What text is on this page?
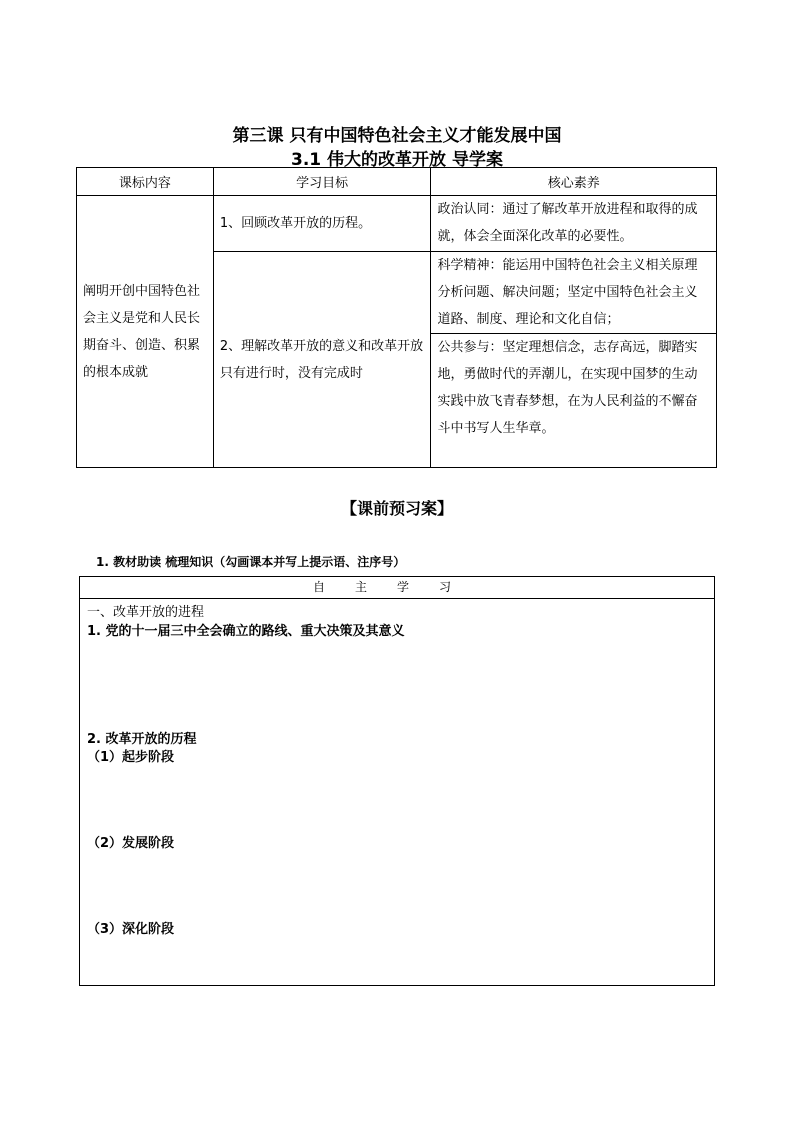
第三课 只有中国特色社会主义才能发展中国
3.1 伟大的改革开放 导学案
课标内容	学习目标	核心素养
阐明开创中国特色社会主义是党和人民长期奋斗、创造、积累的根本成就	1、回顾改革开放的历程。	政治认同：通过了解改革开放进程和取得的成就，体会全面深化改革的必要性。
	2、理解改革开放的意义和改革开放只有进行时，没有完成时	科学精神：能运用中国特色社会主义相关原理分析问题、解决问题；坚定中国特色社会主义道路、制度、理论和文化自信；
		公共参与：坚定理想信念，志存高远，脚踏实地，勇做时代的弄潮儿，在实现中国梦的生动实践中放飞青春梦想，在为人民利益的不懈奋斗中书写人生华章。
【课前预习案】
1. 教材助读 梳理知识（勾画课本并写上提示语、注序号）
自主学习
一、改革开放的进程
1. 党的十一届三中全会确立的路线、重大决策及其意义
2. 改革开放的历程
（1）起步阶段
（2）发展阶段
（3）深化阶段
